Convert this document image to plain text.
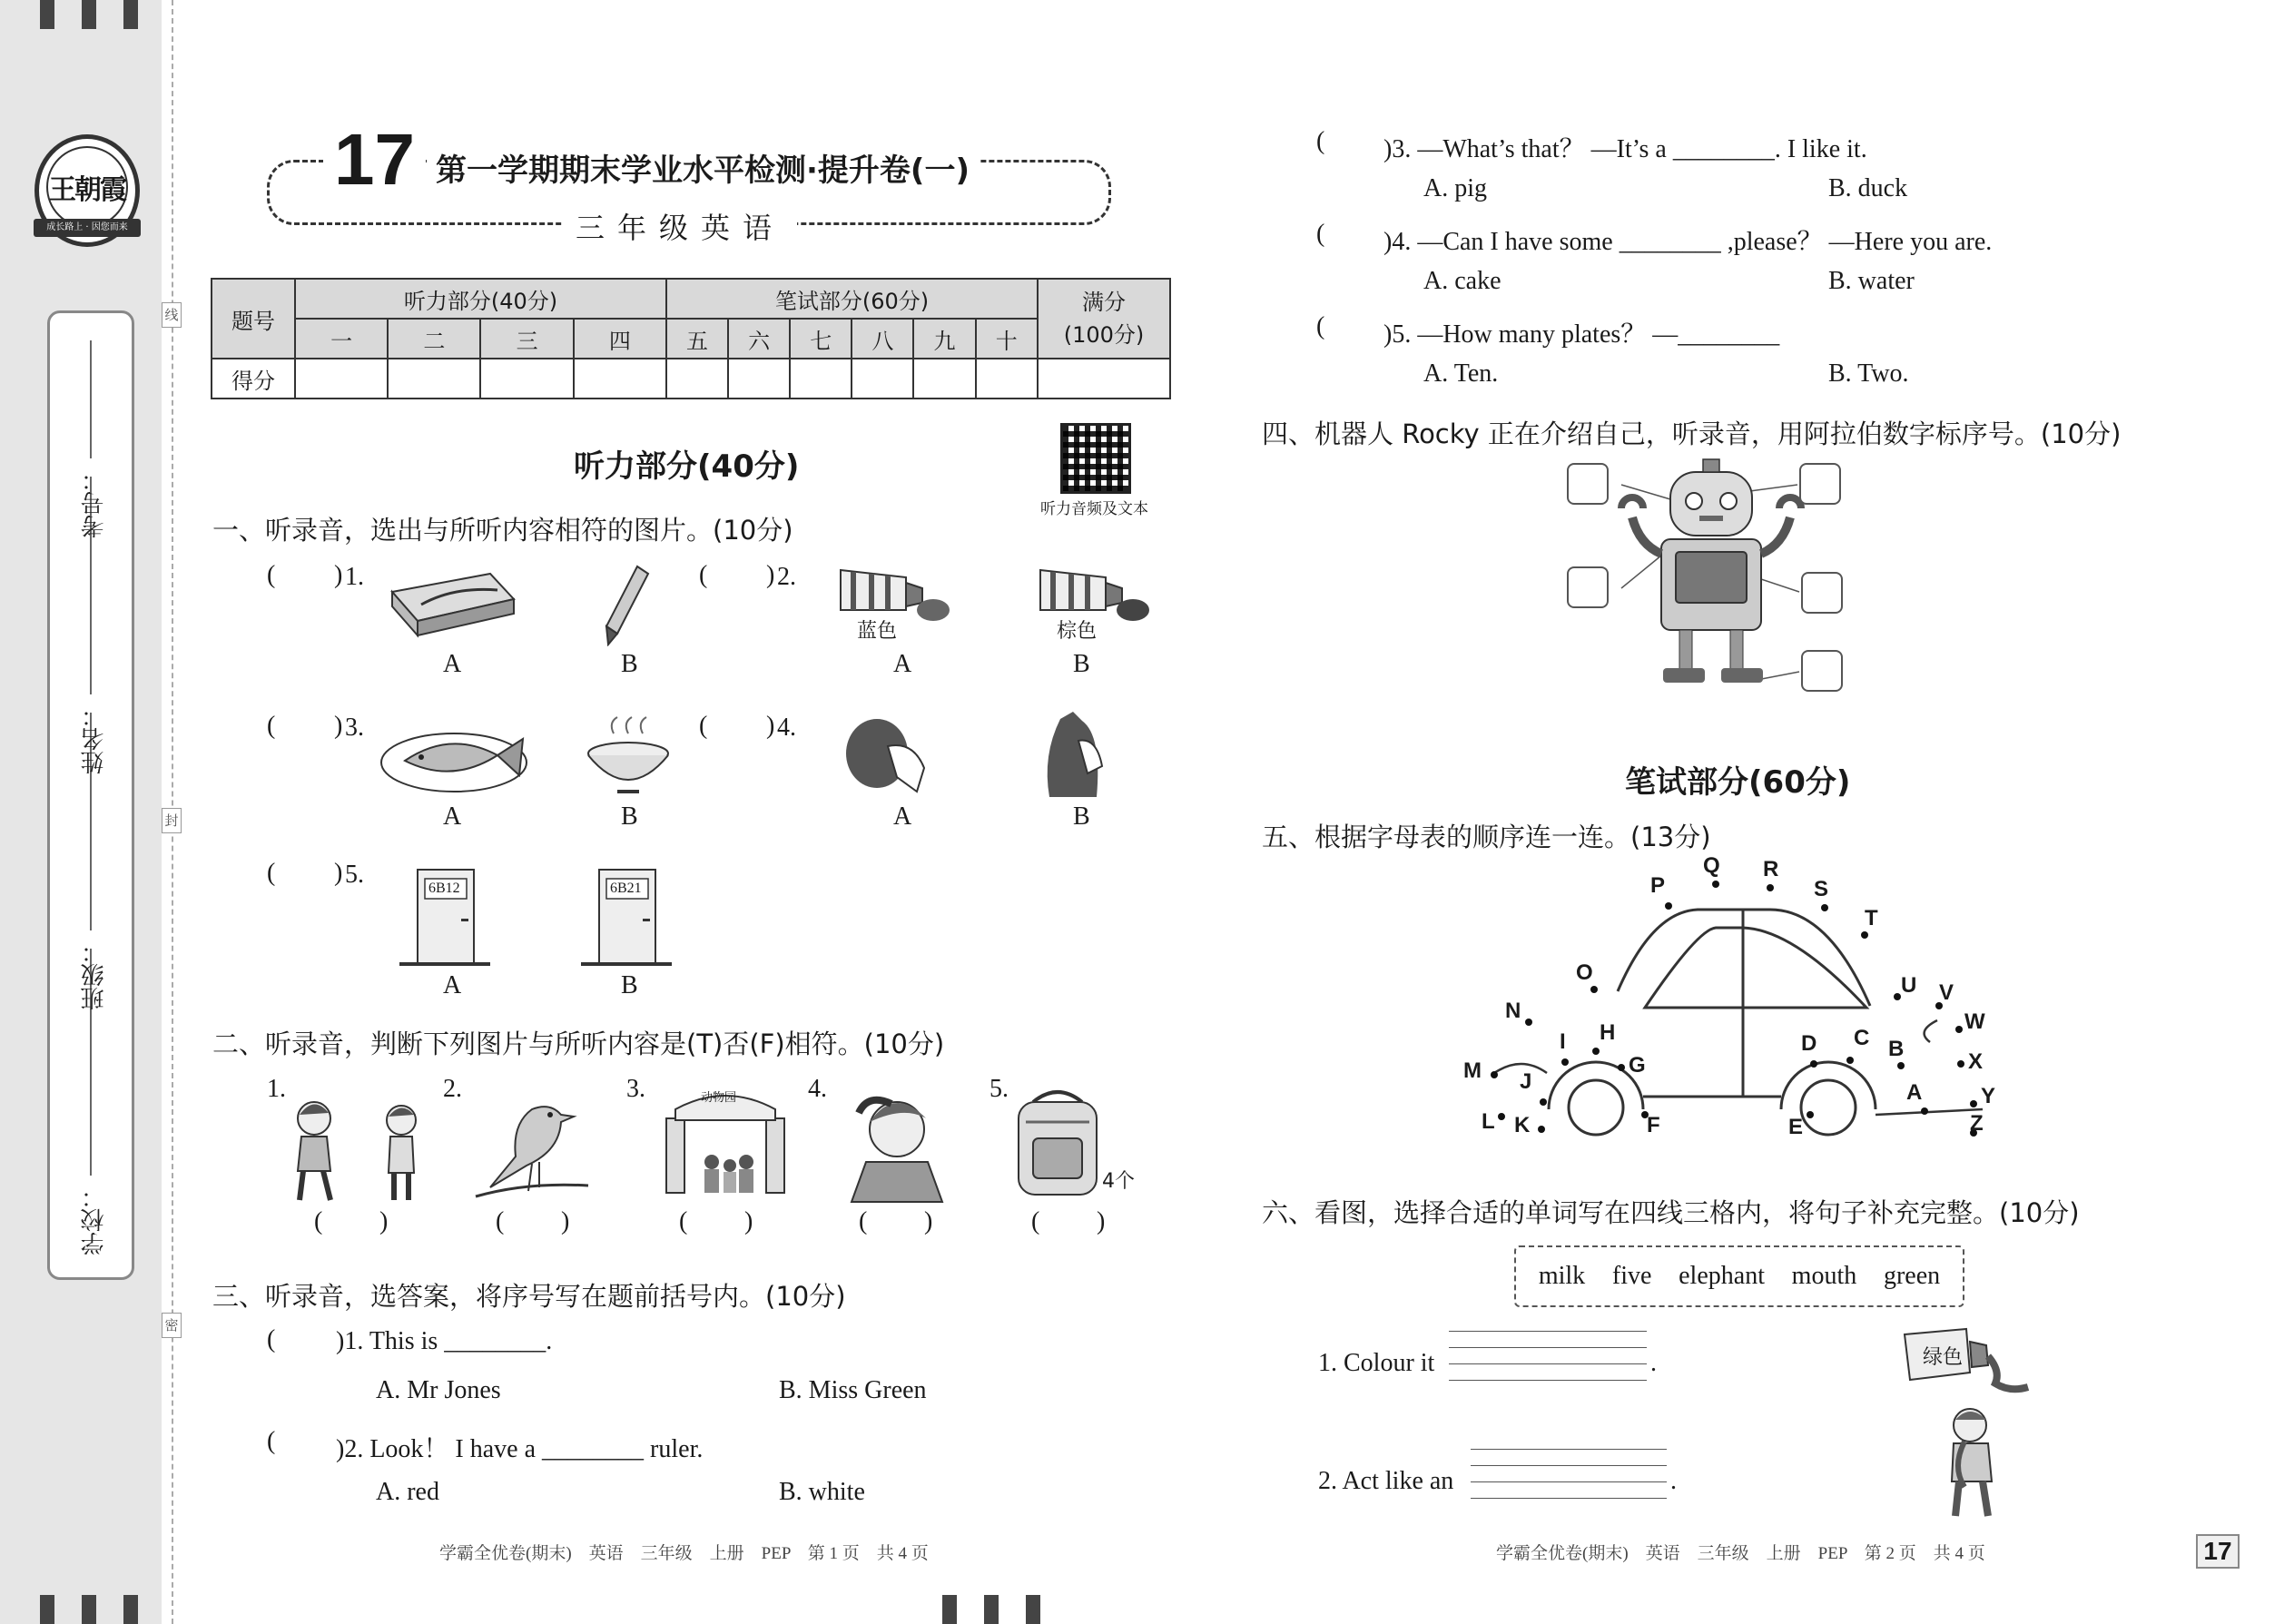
王朝霞
成长路上 · 因您而来
学校：
班级：
姓名：
考号：
线
封
密
17 第一学期期末学业水平检测·提升卷(一)
三年级英语
题号	听力部分(40分)				笔试部分(60分)						满分
(100分)
	一	二	三	四	五	六	七	八	九	十	
得分											
听力部分(40分)
听力音频及文本
一、听录音，选出与所听内容相符的图片。(10分)
( ) 1.
A	B
( ) 2.
蓝色	棕色
A	B
( ) 3.
A	B
( ) 4.
A	B
( ) 5.	6B12	6B21
A	B
二、听录音，判断下列图片与所听内容是(T)否(F)相符。(10分)
1.	2.	3.	4.	5.
动物园
4个
( )	( )	( )	( )	( )
三、听录音，选答案，将序号写在题前括号内。(10分)
( )1. This is ________.
A. Mr Jones	B. Miss Green
( )2. Look！ I have a ________ ruler.
A. red	B. white
学霸全优卷(期末)　英语　三年级　上册　PEP　第 1 页　共 4 页
( )3. —What’s that？ —It’s a ________. I like it.
A. pig	B. duck
( )4. —Can I have some ________ ,please？ —Here you are.
A. cake	B. water
( )5. —How many plates？ —________
A. Ten.	B. Two.
四、机器人 Rocky 正在介绍自己，听录音，用阿拉伯数字标序号。(10分)
笔试部分(60分)
五、根据字母表的顺序连一连。(13分)
P
Q R
S
T
O
U V
W
N
I H
G
D C B
X
M J	A	Y
K
L	F	E	Z
六、看图，选择合适的单词写在四线三格内，将句子补充完整。(10分)
milk five elephant mouth green
1. Colour it	.	绿色
2. Act like an	.
学霸全优卷(期末)　英语　三年级　上册　PEP　第 2 页　共 4 页	17
